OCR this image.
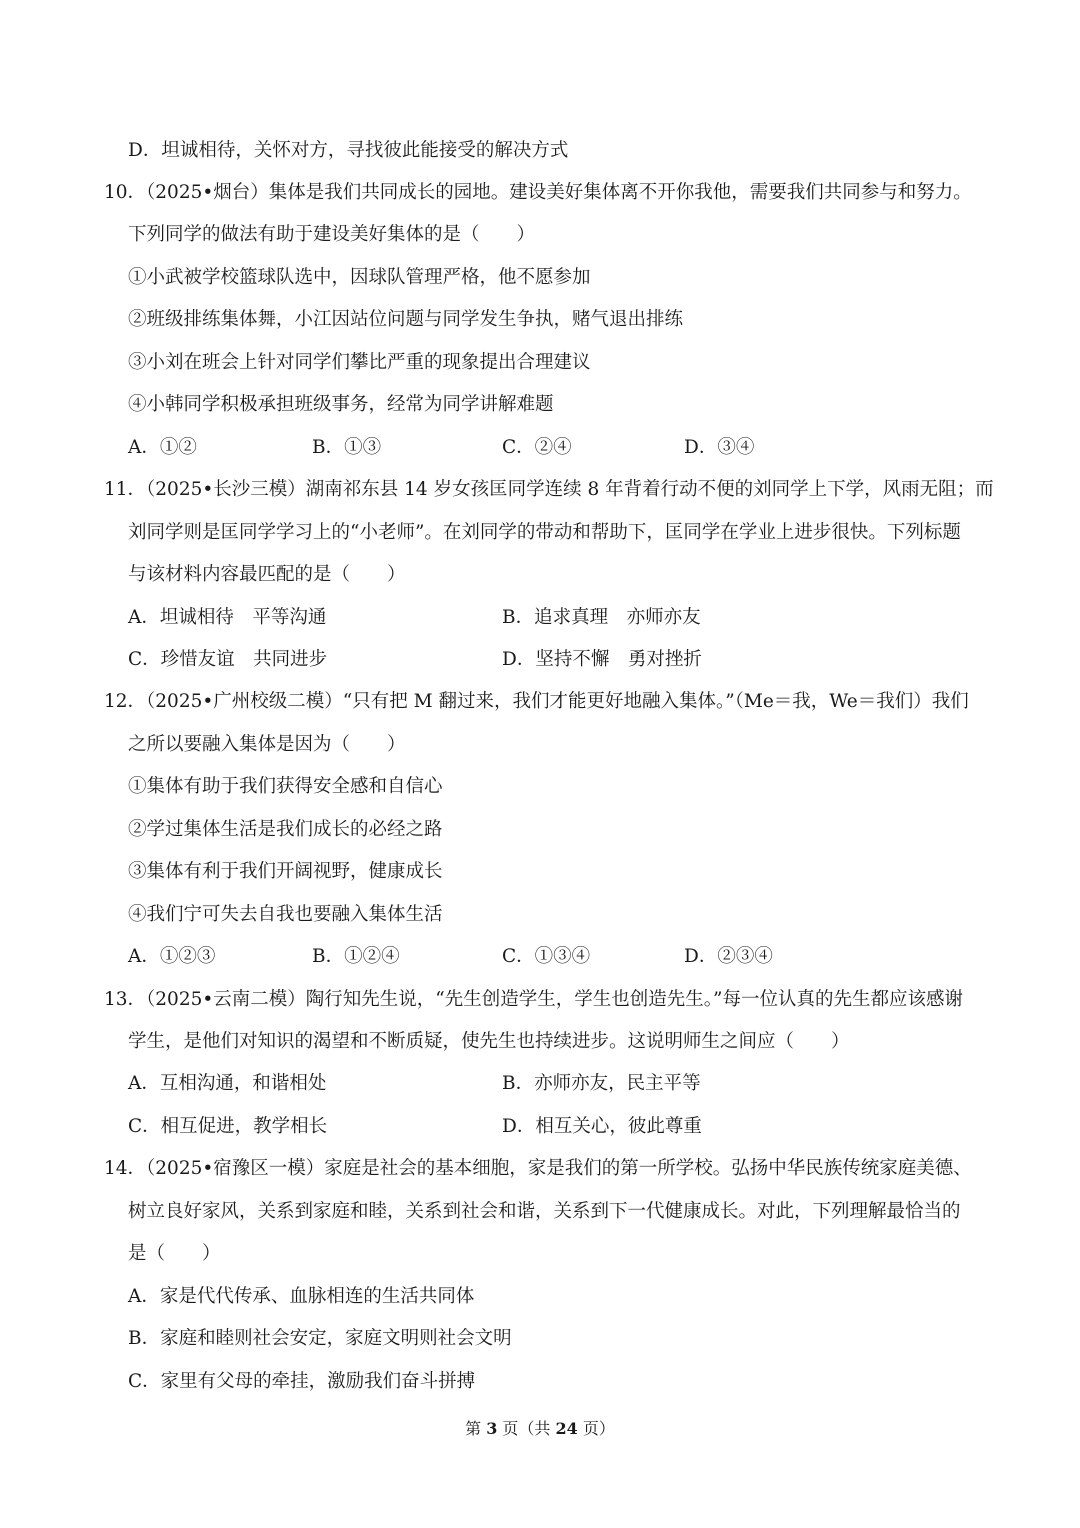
D．坦诚相待，关怀对方，寻找彼此能接受的解决方式
10．（2025•烟台）集体是我们共同成长的园地。建设美好集体离不开你我他，需要我们共同参与和努力。
下列同学的做法有助于建设美好集体的是（　　）
①小武被学校篮球队选中，因球队管理严格，他不愿参加
②班级排练集体舞，小江因站位问题与同学发生争执，赌气退出排练
③小刘在班会上针对同学们攀比严重的现象提出合理建议
④小韩同学积极承担班级事务，经常为同学讲解难题
A．①②	B．①③	C．②④	D．③④
11．（2025•长沙三模）湖南祁东县 14 岁女孩匡同学连续 8 年背着行动不便的刘同学上下学，风雨无阻；而
刘同学则是匡同学学习上的“小老师”。在刘同学的带动和帮助下，匡同学在学业上进步很快。下列标题
与该材料内容最匹配的是（　　）
A．坦诚相待　平等沟通	B．追求真理　亦师亦友
C．珍惜友谊　共同进步	D．坚持不懈　勇对挫折
12．（2025•广州校级二模）“只有把 M 翻过来，我们才能更好地融入集体。”（Me＝我，We＝我们）我们
之所以要融入集体是因为（　　）
①集体有助于我们获得安全感和自信心
②学过集体生活是我们成长的必经之路
③集体有利于我们开阔视野，健康成长
④我们宁可失去自我也要融入集体生活
A．①②③	B．①②④	C．①③④	D．②③④
13．（2025•云南二模）陶行知先生说，“先生创造学生，学生也创造先生。”每一位认真的先生都应该感谢
学生，是他们对知识的渴望和不断质疑，使先生也持续进步。这说明师生之间应（　　）
A．互相沟通，和谐相处	B．亦师亦友，民主平等
C．相互促进，教学相长	D．相互关心，彼此尊重
14．（2025•宿豫区一模）家庭是社会的基本细胞，家是我们的第一所学校。弘扬中华民族传统家庭美德、
树立良好家风，关系到家庭和睦，关系到社会和谐，关系到下一代健康成长。对此，下列理解最恰当的
是（　　）
A．家是代代传承、血脉相连的生活共同体
B．家庭和睦则社会安定，家庭文明则社会文明
C．家里有父母的牵挂，激励我们奋斗拼搏
第 3 页（共 24 页）
